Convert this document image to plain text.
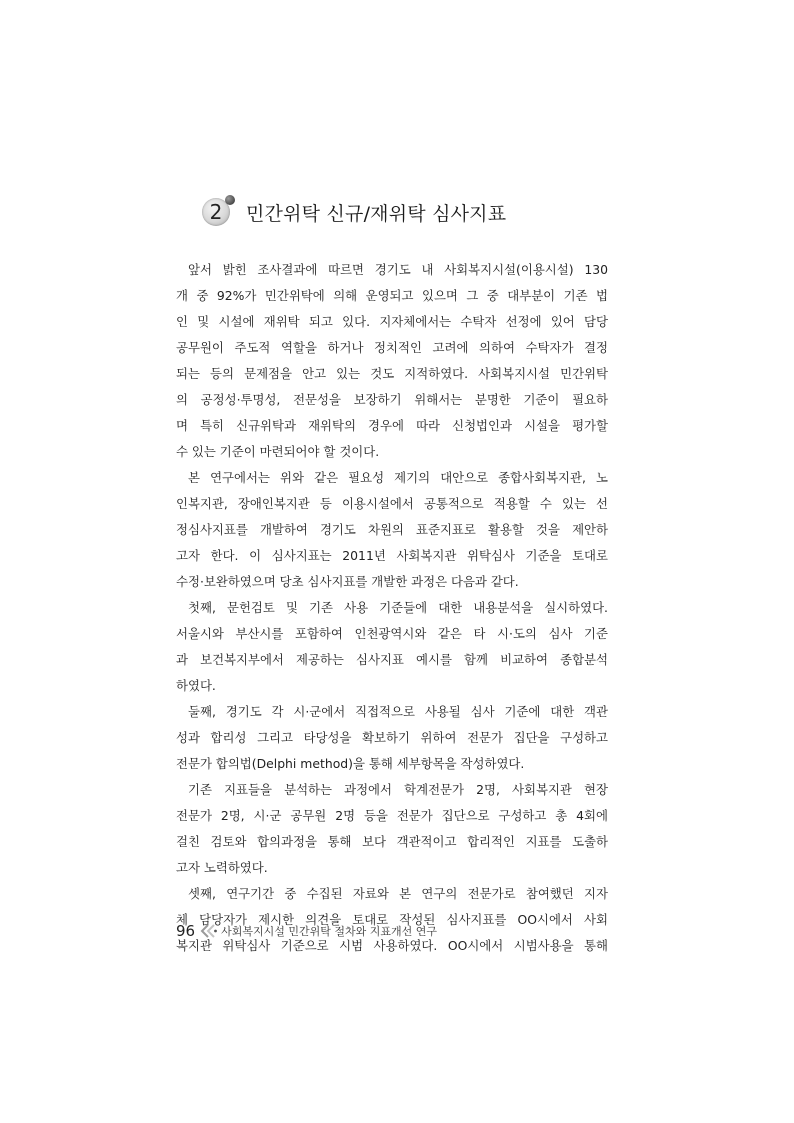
2 민간위탁 신규/재위탁 심사지표
앞서 밝힌 조사결과에 따르면 경기도 내 사회복지시설(이용시설) 130
개 중 92%가 민간위탁에 의해 운영되고 있으며 그 중 대부분이 기존 법
인 및 시설에 재위탁 되고 있다. 지자체에서는 수탁자 선정에 있어 담당
공무원이 주도적 역할을 하거나 정치적인 고려에 의하여 수탁자가 결정
되는 등의 문제점을 안고 있는 것도 지적하였다. 사회복지시설 민간위탁
의 공정성·투명성, 전문성을 보장하기 위해서는 분명한 기준이 필요하
며 특히 신규위탁과 재위탁의 경우에 따라 신청법인과 시설을 평가할
수 있는 기준이 마련되어야 할 것이다.
본 연구에서는 위와 같은 필요성 제기의 대안으로 종합사회복지관, 노
인복지관, 장애인복지관 등 이용시설에서 공통적으로 적용할 수 있는 선
정심사지표를 개발하여 경기도 차원의 표준지표로 활용할 것을 제안하
고자 한다. 이 심사지표는 2011년 사회복지관 위탁심사 기준을 토대로
수정·보완하였으며 당초 심사지표를 개발한 과정은 다음과 같다.
첫째, 문헌검토 및 기존 사용 기준들에 대한 내용분석을 실시하였다.
서울시와 부산시를 포함하여 인천광역시와 같은 타 시·도의 심사 기준
과 보건복지부에서 제공하는 심사지표 예시를 함께 비교하여 종합분석
하였다.
둘째, 경기도 각 시·군에서 직접적으로 사용될 심사 기준에 대한 객관
성과 합리성 그리고 타당성을 확보하기 위하여 전문가 집단을 구성하고
전문가 합의법(Delphi method)을 통해 세부항목을 작성하였다.
기존 지표들을 분석하는 과정에서 학계전문가 2명, 사회복지관 현장
전문가 2명, 시·군 공무원 2명 등을 전문가 집단으로 구성하고 총 4회에
걸친 검토와 합의과정을 통해 보다 객관적이고 합리적인 지표를 도출하
고자 노력하였다.
셋째, 연구기간 중 수집된 자료와 본 연구의 전문가로 참여했던 지자
체 담당자가 제시한 의견을 토대로 작성된 심사지표를 OO시에서 사회
복지관 위탁심사 기준으로 시범 사용하였다. OO시에서 시범사용을 통해
96 사회복지시설 민간위탁 절차와 지표개선 연구
